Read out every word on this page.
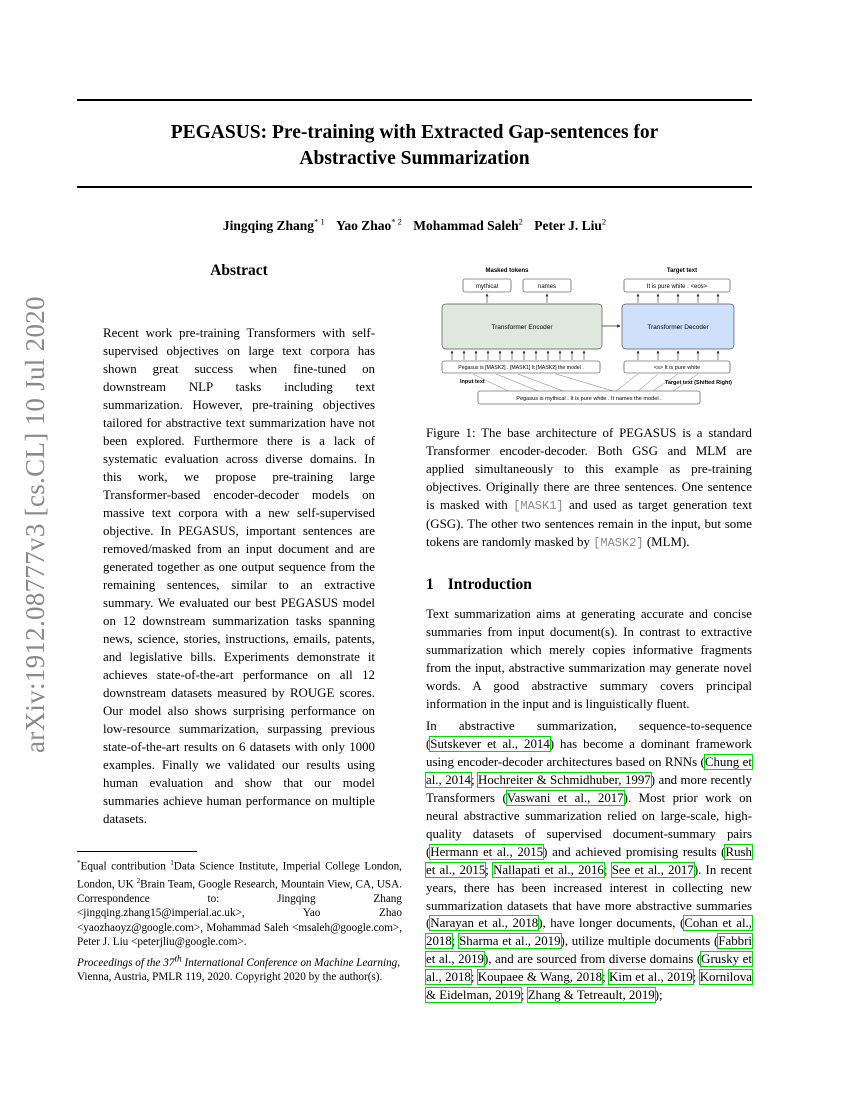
PEGASUS: Pre-training with Extracted Gap-sentences for
Abstractive Summarization
Jingqing Zhang$^{* 1}$ Yao Zhao$^{* 2}$ Mohammad Saleh$^2$ Peter J. Liu$^2$
arXiv:1912.08777v3 [cs.CL] 10 Jul 2020
Abstract
Recent work pre-training Transformers with self-supervised objectives on large text corpora has shown great success when fine-tuned on downstream NLP tasks including text summarization. However, pre-training objectives tailored for abstractive text summarization have not been explored. Furthermore there is a lack of systematic evaluation across diverse domains. In this work, we propose pre-training large Transformer-based encoder-decoder models on massive text corpora with a new self-supervised objective. In PEGASUS, important sentences are removed/masked from an input document and are generated together as one output sequence from the remaining sentences, similar to an extractive summary. We evaluated our best PEGASUS model on 12 downstream summarization tasks spanning news, science, stories, instructions, emails, patents, and legislative bills. Experiments demonstrate it achieves state-of-the-art performance on all 12 downstream datasets measured by ROUGE scores. Our model also shows surprising performance on low-resource summarization, surpassing previous state-of-the-art results on 6 datasets with only 1000 examples. Finally we validated our results using human evaluation and show that our model summaries achieve human performance on multiple datasets.
*Equal contribution $^1$Data Science Institute, Imperial College London, London, UK $^2$Brain Team, Google Research, Mountain View, CA, USA. Correspondence to: Jingqing Zhang <jingqing.zhang15@imperial.ac.uk>, Yao Zhao <yaozhaoyz@google.com>, Mohammad Saleh <msaleh@google.com>, Peter J. Liu <peterjliu@google.com>.
Proceedings of the 37th International Conference on Machine Learning, Vienna, Austria, PMLR 119, 2020. Copyright 2020 by the author(s).
Masked tokens	Target text
mythical	names	It is pure white . <eos>
Transformer Encoder	Transformer Decoder
Pegasus is [MASK2] . [MASK1] It [MASK2] the model .	<s> It is pure white
Input text	Target text (Shifted Right)
Pegasus is mythical . It is pure white . It names the model .
Figure 1: The base architecture of PEGASUS is a standard Transformer encoder-decoder. Both GSG and MLM are applied simultaneously to this example as pre-training objectives. Originally there are three sentences. One sentence is masked with [MASK1] and used as target generation text (GSG). The other two sentences remain in the input, but some tokens are randomly masked by [MASK2] (MLM).
1 Introduction

Text summarization aims at generating accurate and concise summaries from input document(s). In contrast to extractive summarization which merely copies informative fragments from the input, abstractive summarization may generate novel words. A good abstractive summary covers principal information in the input and is linguistically fluent.

In abstractive summarization, sequence-to-sequence (Sutskever et al., 2014) has become a dominant framework using encoder-decoder architectures based on RNNs (Chung et al., 2014; Hochreiter & Schmidhuber, 1997) and more recently Transformers (Vaswani et al., 2017). Most prior work on neural abstractive summarization relied on large-scale, high-quality datasets of supervised document-summary pairs (Hermann et al., 2015) and achieved promising results (Rush et al., 2015; Nallapati et al., 2016; See et al., 2017). In recent years, there has been increased interest in collecting new summarization datasets that have more abstractive summaries (Narayan et al., 2018), have longer documents, (Cohan et al., 2018; Sharma et al., 2019), utilize multiple documents (Fabbri et al., 2019), and are sourced from diverse domains (Grusky et al., 2018; Koupaee & Wang, 2018; Kim et al., 2019; Kornilova & Eidelman, 2019; Zhang & Tetreault, 2019);
